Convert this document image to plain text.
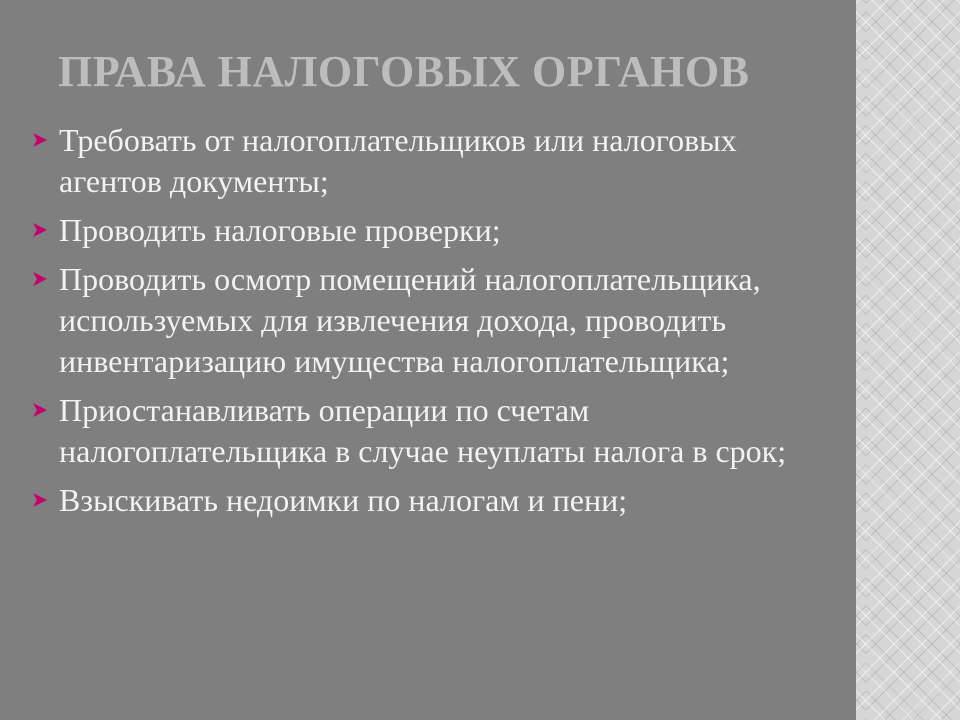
ПРАВА НАЛОГОВЫХ ОРГАНОВ
Требовать от налогоплательщиков или налоговых агентов документы;
Проводить налоговые проверки;
Проводить осмотр помещений налогоплательщика, используемых для извлечения дохода, проводить инвентаризацию имущества налогоплательщика;
Приостанавливать операции по счетам налогоплательщика в случае неуплаты налога в срок;
Взыскивать недоимки по налогам и пени;
